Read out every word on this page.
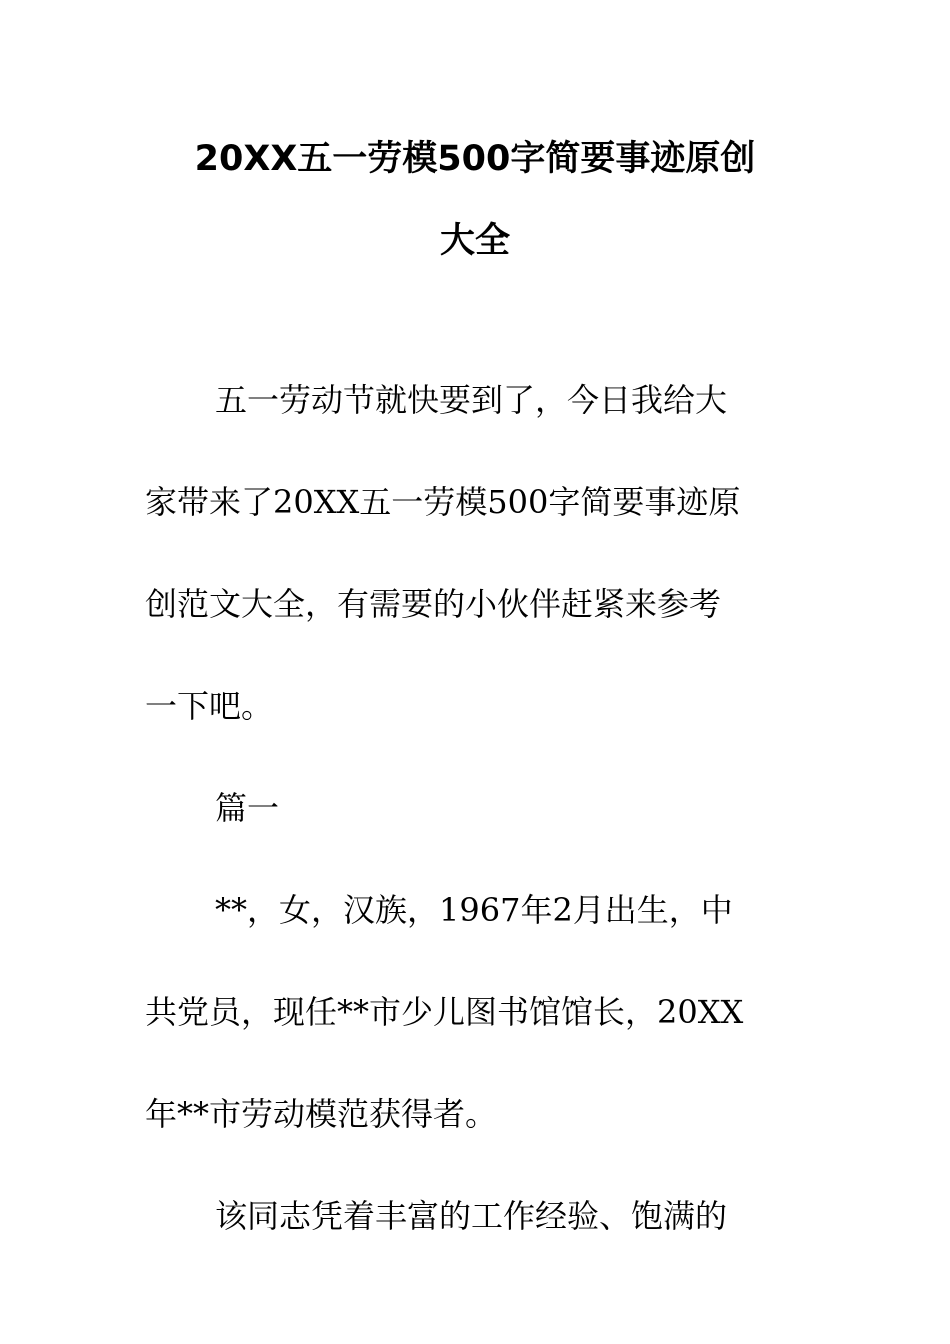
20XX五一劳模500字简要事迹原创
大全
五一劳动节就快要到了，今日我给大
家带来了20XX五一劳模500字简要事迹原
创范文大全，有需要的小伙伴赶紧来参考
一下吧。
篇一
**，女，汉族，1967年2月出生，中
共党员，现任**市少儿图书馆馆长，20XX
年**市劳动模范获得者。
该同志凭着丰富的工作经验、饱满的
